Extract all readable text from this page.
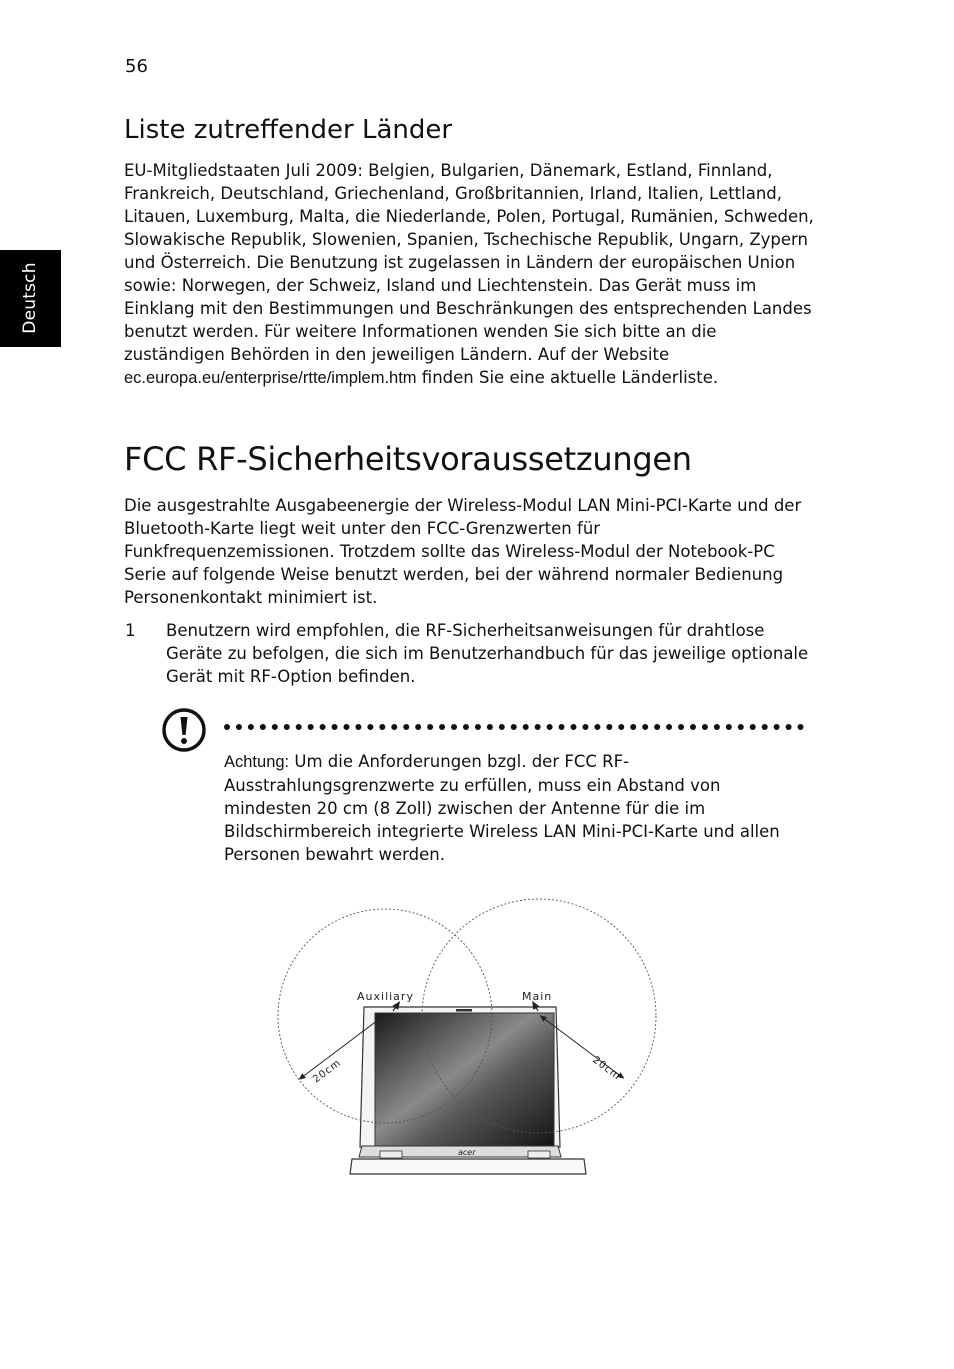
56
Deutsch
Liste zutreffender Länder

EU-Mitgliedstaaten Juli 2009: Belgien, Bulgarien, Dänemark, Estland, Finnland, Frankreich, Deutschland, Griechenland, Großbritannien, Irland, Italien, Lettland, Litauen, Luxemburg, Malta, die Niederlande, Polen, Portugal, Rumänien, Schweden, Slowakische Republik, Slowenien, Spanien, Tschechische Republik, Ungarn, Zypern und Österreich. Die Benutzung ist zugelassen in Ländern der europäischen Union sowie: Norwegen, der Schweiz, Island und Liechtenstein. Das Gerät muss im Einklang mit den Bestimmungen und Beschränkungen des entsprechenden Landes benutzt werden. Für weitere Informationen wenden Sie sich bitte an die zuständigen Behörden in den jeweiligen Ländern. Auf der Website ec.europa.eu/enterprise/rtte/implem.htm finden Sie eine aktuelle Länderliste.

FCC RF-Sicherheitsvoraussetzungen

Die ausgestrahlte Ausgabeenergie der Wireless-Modul LAN Mini-PCI-Karte und der Bluetooth-Karte liegt weit unter den FCC-Grenzwerten für Funkfrequenzemissionen. Trotzdem sollte das Wireless-Modul der Notebook-PC Serie auf folgende Weise benutzt werden, bei der während normaler Bedienung Personenkontakt minimiert ist.

1 Benutzern wird empfohlen, die RF-Sicherheitsanweisungen für drahtlose Geräte zu befolgen, die sich im Benutzerhandbuch für das jeweilige optionale Gerät mit RF-Option befinden.

Achtung: Um die Anforderungen bzgl. der FCC RF-Ausstrahlungsgrenzwerte zu erfüllen, muss ein Abstand von mindesten 20 cm (8 Zoll) zwischen der Antenne für die im Bildschirmbereich integrierte Wireless LAN Mini-PCI-Karte und allen Personen bewahrt werden.

acer
Auxiliary	Main
20cm	20cm
